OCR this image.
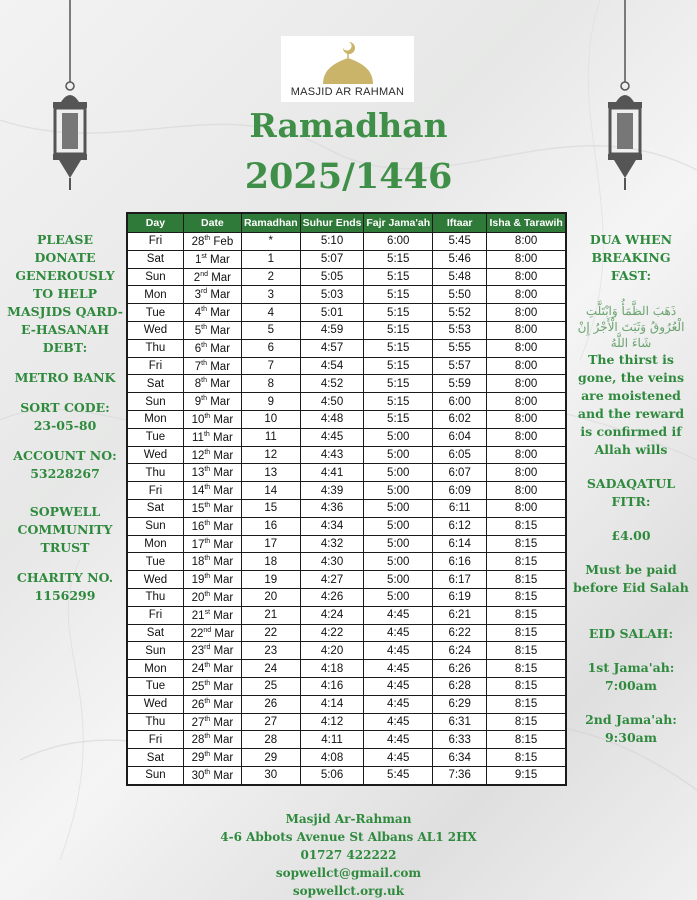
MASJID AR RAHMAN
Ramadhan
2025/1446
PLEASE DONATE GENEROUSLY TO HELP MASJIDS QARD-E-HASANAH DEBT:
METRO BANK
SORT CODE:
23-05-80
ACCOUNT NO:
53228267
SOPWELL COMMUNITY TRUST
CHARITY NO.
1156299
DUA WHEN BREAKING FAST:
ذَهَبَ الظَّمَأُ وَابْتَلَّتِ الْعُرُوقُ وَثَبَتَ الْأَجْرُ إِنْ شَاءَ اللَّهُ
The thirst is gone, the veins are moistened and the reward is confirmed if Allah wills
SADAQATUL FITR:
£4.00
Must be paid before Eid Salah
EID SALAH:
1st Jama'ah:
7:00am
2nd Jama'ah:
9:30am
Day	Date	Ramadhan	Suhur Ends	Fajr Jama'ah	Iftaar	Isha & Tarawih
Fri	28th Feb	*	5:10	6:00	5:45	8:00
Sat	1st Mar	1	5:07	5:15	5:46	8:00
Sun	2nd Mar	2	5:05	5:15	5:48	8:00
Mon	3rd Mar	3	5:03	5:15	5:50	8:00
Tue	4th Mar	4	5:01	5:15	5:52	8:00
Wed	5th Mar	5	4:59	5:15	5:53	8:00
Thu	6th Mar	6	4:57	5:15	5:55	8:00
Fri	7th Mar	7	4:54	5:15	5:57	8:00
Sat	8th Mar	8	4:52	5:15	5:59	8:00
Sun	9th Mar	9	4:50	5:15	6:00	8:00
Mon	10th Mar	10	4:48	5:15	6:02	8:00
Tue	11th Mar	11	4:45	5:00	6:04	8:00
Wed	12th Mar	12	4:43	5:00	6:05	8:00
Thu	13th Mar	13	4:41	5:00	6:07	8:00
Fri	14th Mar	14	4:39	5:00	6:09	8:00
Sat	15th Mar	15	4:36	5:00	6:11	8:00
Sun	16th Mar	16	4:34	5:00	6:12	8:15
Mon	17th Mar	17	4:32	5:00	6:14	8:15
Tue	18th Mar	18	4:30	5:00	6:16	8:15
Wed	19th Mar	19	4:27	5:00	6:17	8:15
Thu	20th Mar	20	4:26	5:00	6:19	8:15
Fri	21st Mar	21	4:24	4:45	6:21	8:15
Sat	22nd Mar	22	4:22	4:45	6:22	8:15
Sun	23rd Mar	23	4:20	4:45	6:24	8:15
Mon	24th Mar	24	4:18	4:45	6:26	8:15
Tue	25th Mar	25	4:16	4:45	6:28	8:15
Wed	26th Mar	26	4:14	4:45	6:29	8:15
Thu	27th Mar	27	4:12	4:45	6:31	8:15
Fri	28th Mar	28	4:11	4:45	6:33	8:15
Sat	29th Mar	29	4:08	4:45	6:34	8:15
Sun	30th Mar	30	5:06	5:45	7:36	9:15
Masjid Ar-Rahman
4-6 Abbots Avenue St Albans AL1 2HX
01727 422222
sopwellct@gmail.com
sopwellct.org.uk
